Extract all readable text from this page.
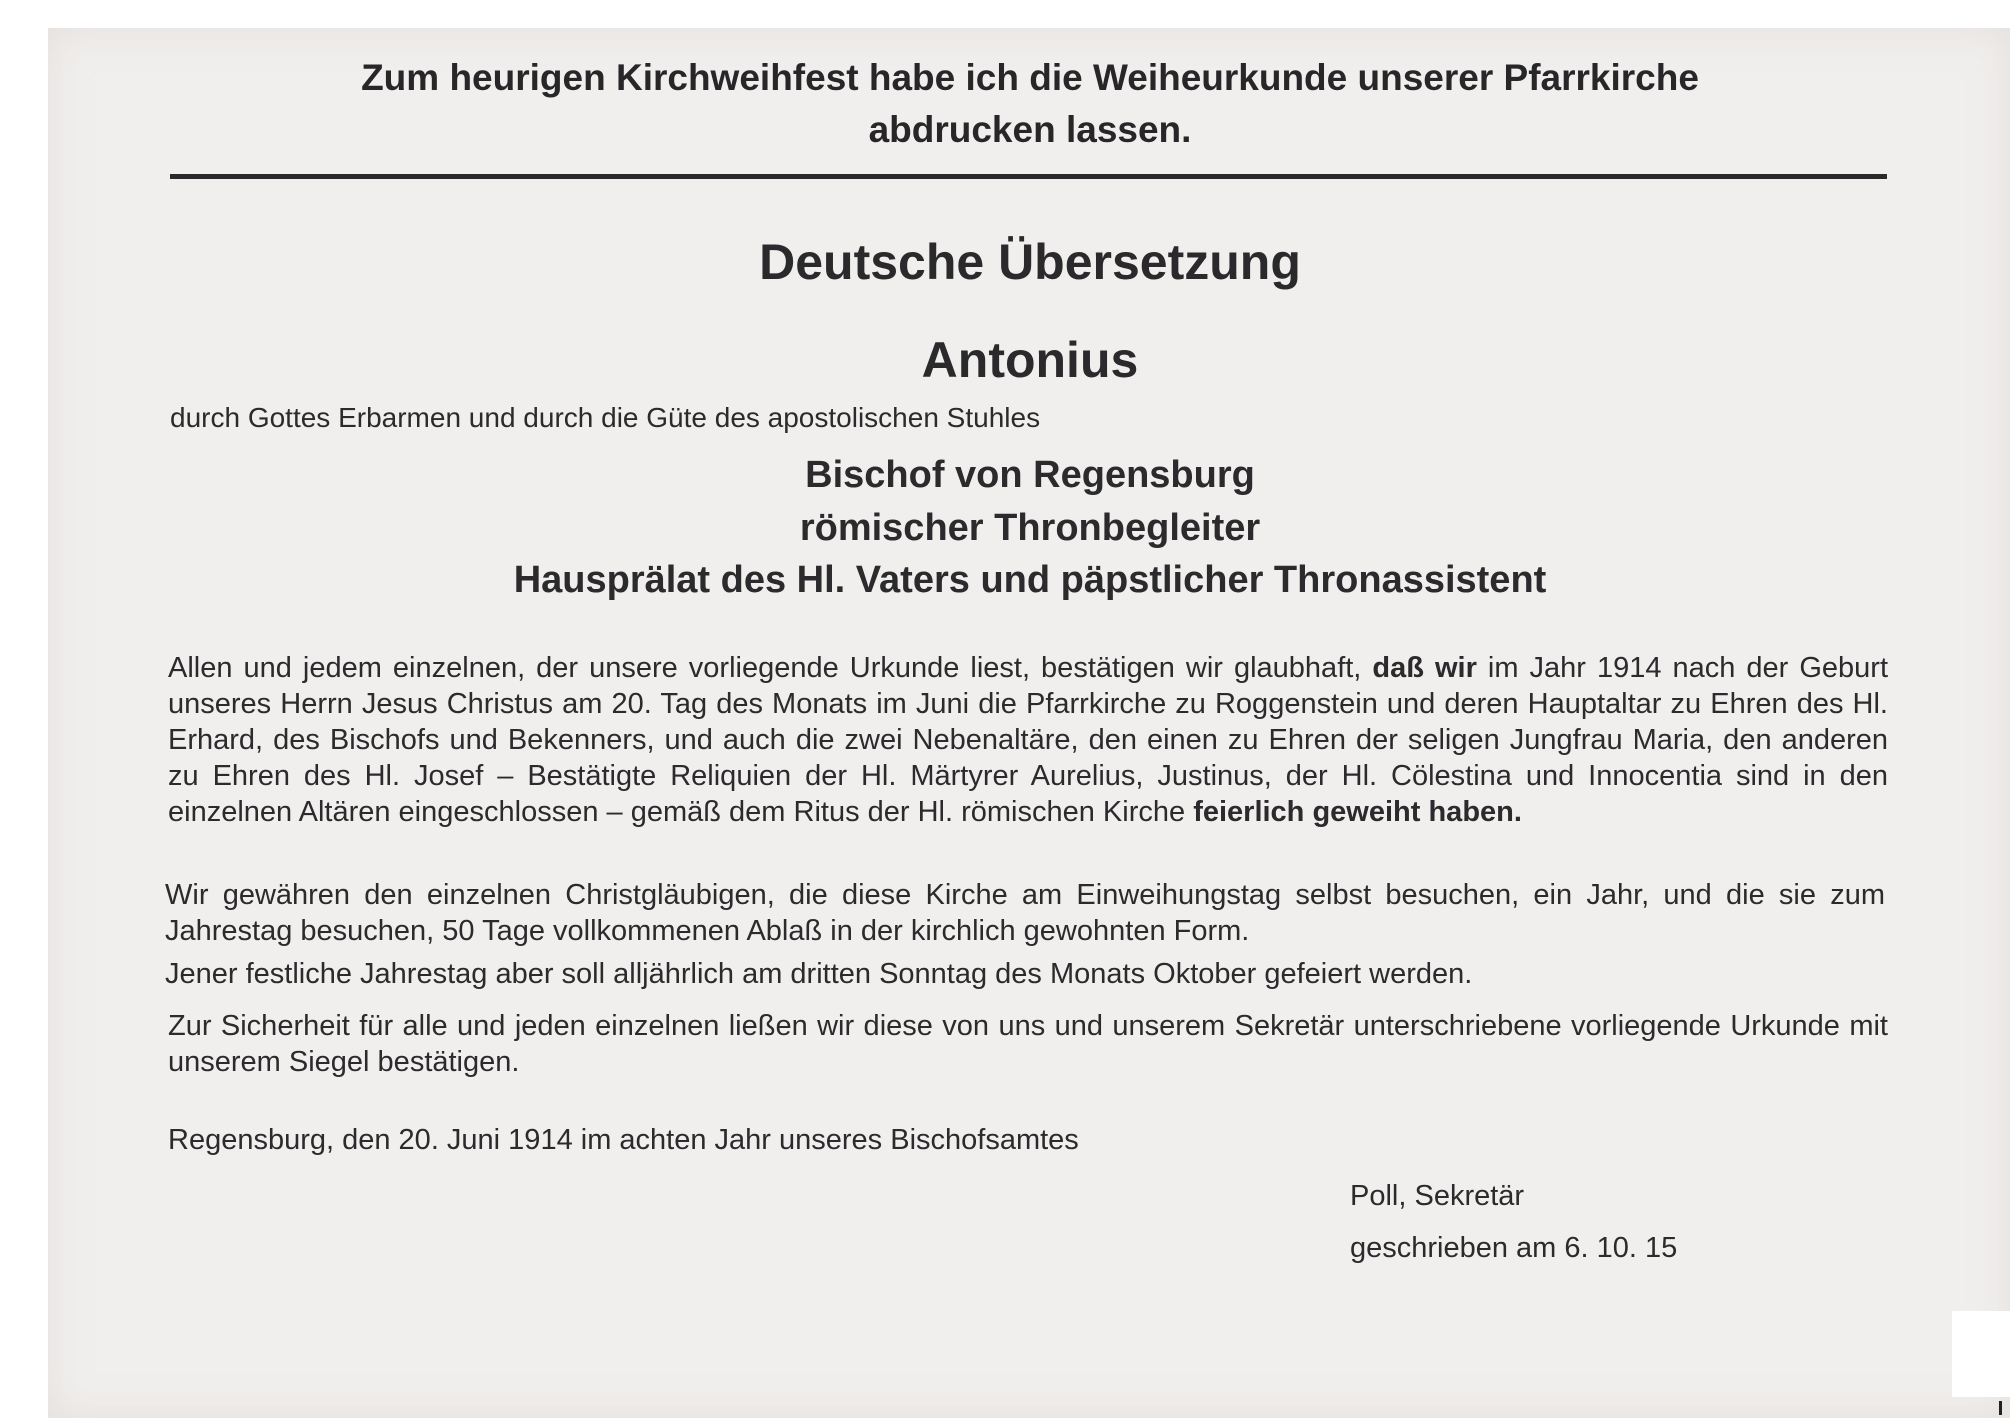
Zum heurigen Kirchweihfest habe ich die Weiheurkunde unserer Pfarrkirche
abdrucken lassen.
Deutsche Übersetzung
Antonius
durch Gottes Erbarmen und durch die Güte des apostolischen Stuhles
Bischof von Regensburg
römischer Thronbegleiter
Hausprälat des Hl. Vaters und päpstlicher Thronassistent
Allen und jedem einzelnen, der unsere vorliegende Urkunde liest, bestätigen wir glaubhaft, daß wir im Jahr 1914 nach der Geburt unseres Herrn Jesus Christus am 20. Tag des Monats im Juni die Pfarrkirche zu Roggenstein und deren Hauptaltar zu Ehren des Hl. Erhard, des Bischofs und Bekenners, und auch die zwei Nebenaltäre, den einen zu Ehren der seligen Jungfrau Maria, den anderen zu Ehren des Hl. Josef – Bestätigte Reliquien der Hl. Märtyrer Aurelius, Justinus, der Hl. Cölestina und Innocentia sind in den einzelnen Altären eingeschlossen – gemäß dem Ritus der Hl. römischen Kirche feierlich geweiht haben.
Wir gewähren den einzelnen Christgläubigen, die diese Kirche am Einweihungstag selbst besuchen, ein Jahr, und die sie zum Jahrestag besuchen, 50 Tage vollkommenen Ablaß in der kirchlich gewohnten Form.
Jener festliche Jahrestag aber soll alljährlich am dritten Sonntag des Monats Oktober gefeiert werden.
Zur Sicherheit für alle und jeden einzelnen ließen wir diese von uns und unserem Sekretär unterschriebene vorliegende Urkunde mit unserem Siegel bestätigen.
Regensburg, den 20. Juni 1914 im achten Jahr unseres Bischofsamtes
Poll, Sekretär
geschrieben am 6. 10. 15
